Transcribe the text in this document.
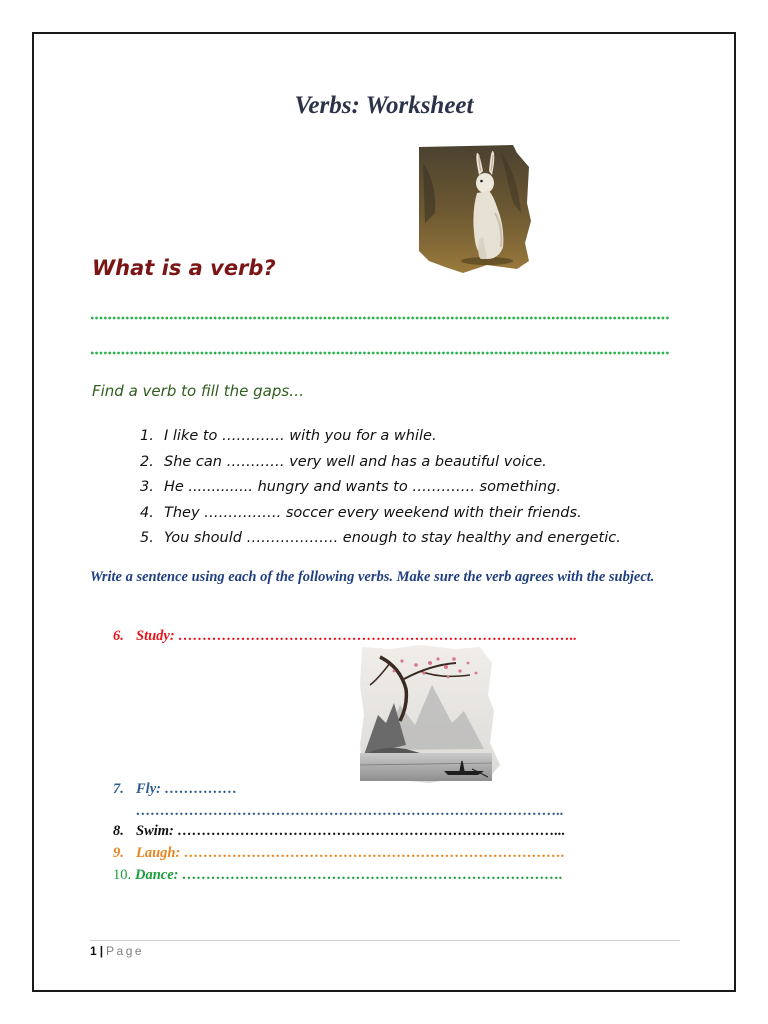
Verbs: Worksheet
What is a verb?
Find a verb to fill the gaps…
1. I like to …………. with you for a while.
2. She can ………… very well and has a beautiful voice.
3. He .............. hungry and wants to …………. something.
4. They ……………. soccer every weekend with their friends.
5. You should ………………. enough to stay healthy and energetic.
Write a sentence using each of the following verbs. Make sure the verb agrees with the subject.
6. Study: ………………………………………………………………………..
7. Fly: ……………
……………………………………………………………………………..
8. Swim: ……………………………………………………………………...
9. Laugh: …………………………………………………………………….
10. Dance: …………………………………………………………………….
1 | Page
